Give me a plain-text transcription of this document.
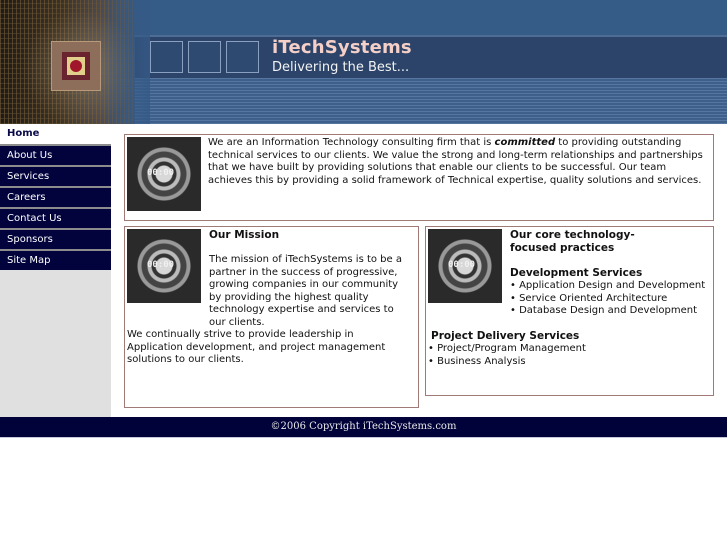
iTechSystems
Delivering the Best...
Home
About Us
Services
Careers
Contact Us
Sponsors
Site Map
00:00
We are an Information Technology consulting firm that is committed to providing outstanding technical services to our clients. We value the strong and long-term relationships and partnerships that we have built by providing solutions that enable our clients to be successful. Our team achieves this by providing a solid framework of Technical expertise, quality solutions and services.
00:00
Our Mission
The mission of iTechSystems is to be a partner in the success of progressive, growing companies in our community by providing the highest quality technology expertise and services to our clients.
We continually strive to provide leadership in Application development, and project management solutions to our clients.
00:00
Our core technology-focused practices
Development Services
• Application Design and Development
• Service Oriented Architecture
• Database Design and Development
Project Delivery Services
• Project/Program Management
• Business Analysis
©2006 Copyright iTechSystems.com
